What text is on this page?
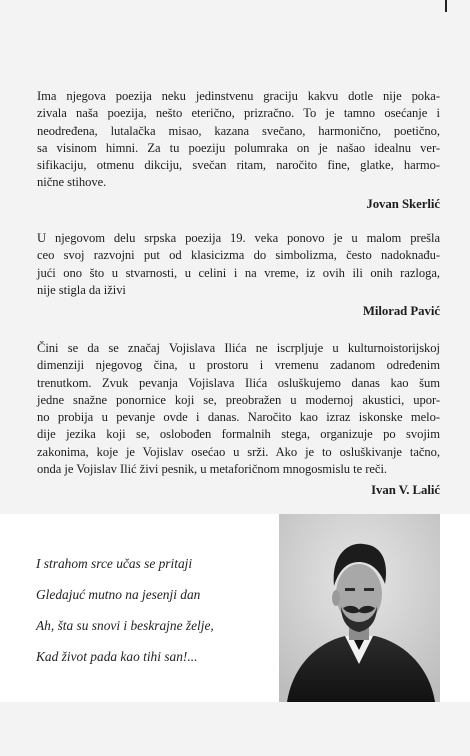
Ima njegova poezija neku jedinstvenu graciju kakvu dotle nije poka-
zivala naša poezija, nešto eterično, prizračno. To je tamno osećanje i
neodređena, lutalačka misao, kazana svečano, harmonično, poetično,
sa visinom himni. Za tu poeziju polumraka on je našao idealnu ver-
sifikaciju, otmenu dikciju, svečan ritam, naročito fine, glatke, harmo-
nične stihove.

Jovan Skerlić

U njegovom delu srpska poezija 19. veka ponovo je u malom prešla
ceo svoj razvojni put od klasicizma do simbolizma, često nadoknađu-
jući ono što u stvarnosti, u celini i na vreme, iz ovih ili onih razloga,
nije stigla da iživi

Milorad Pavić

Čini se da se značaj Vojislava Ilića ne iscrpljuje u kulturnoistorijskoj
dimenziji njegovog čina, u prostoru i vremenu zadanom određenim
trenutkom. Zvuk pevanja Vojislava Ilića osluškujemo danas kao šum
jedne snažne ponornice koji se, preobražen u modernoj akustici, upor-
no probija u pevanje ovde i danas. Naročito kao izraz iskonske melo-
dije jezika koji se, oslobođen formalnih stega, organizuje po svojim
zakonima, koje je Vojislav osećao u srži. Ako je to osluškivanje tačno,
onda je Vojislav Ilić živi pesnik, u metaforičnom mnogosmislu te reči.

Ivan V. Lalić
I strahom srce učas se pritaji
Gledajuć mutno na jesenji dan
Ah, šta su snovi i beskrajne želje,
Kad život pada kao tihi san!...
